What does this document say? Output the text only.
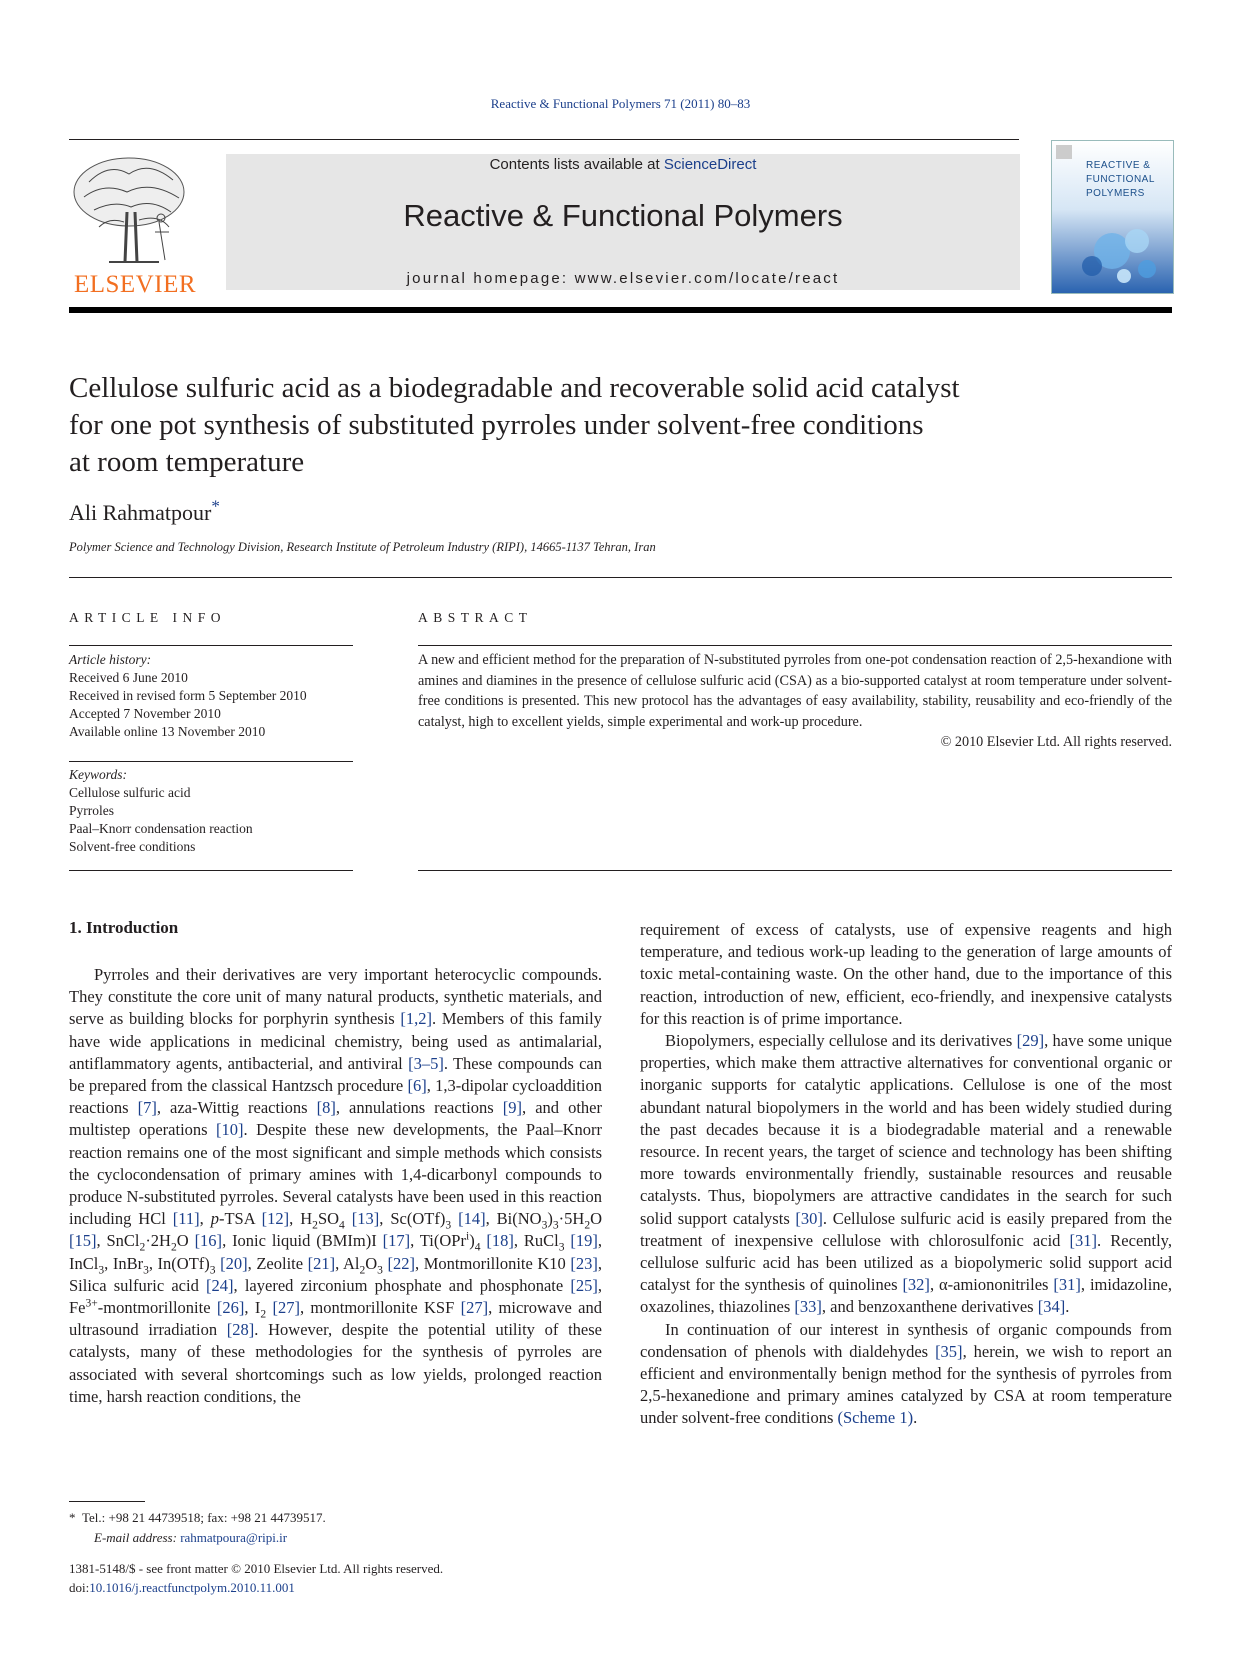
Reactive & Functional Polymers 71 (2011) 80–83
ELSEVIER
Contents lists available at ScienceDirect
Reactive & Functional Polymers
journal homepage: www.elsevier.com/locate/react
REACTIVE &
FUNCTIONAL
POLYMERS
Cellulose sulfuric acid as a biodegradable and recoverable solid acid catalyst
for one pot synthesis of substituted pyrroles under solvent-free conditions
at room temperature
Ali Rahmatpour*
Polymer Science and Technology Division, Research Institute of Petroleum Industry (RIPI), 14665-1137 Tehran, Iran
ARTICLE INFO
Article history:
Received 6 June 2010
Received in revised form 5 September 2010
Accepted 7 November 2010
Available online 13 November 2010
Keywords:
Cellulose sulfuric acid
Pyrroles
Paal–Knorr condensation reaction
Solvent-free conditions
ABSTRACT
A new and efficient method for the preparation of N-substituted pyrroles from one-pot condensation reaction of 2,5-hexandione with amines and diamines in the presence of cellulose sulfuric acid (CSA) as a bio-supported catalyst at room temperature under solvent-free conditions is presented. This new protocol has the advantages of easy availability, stability, reusability and eco-friendly of the catalyst, high to excellent yields, simple experimental and work-up procedure.
© 2010 Elsevier Ltd. All rights reserved.
1. Introduction

Pyrroles and their derivatives are very important heterocyclic compounds. They constitute the core unit of many natural products, synthetic materials, and serve as building blocks for porphyrin synthesis [1,2]. Members of this family have wide applications in medicinal chemistry, being used as antimalarial, antiflammatory agents, antibacterial, and antiviral [3–5]. These compounds can be prepared from the classical Hantzsch procedure [6], 1,3-dipolar cycloaddition reactions [7], aza-Wittig reactions [8], annulations reactions [9], and other multistep operations [10]. Despite these new developments, the Paal–Knorr reaction remains one of the most significant and simple methods which consists the cyclocondensation of primary amines with 1,4-dicarbonyl compounds to produce N-substituted pyrroles. Several catalysts have been used in this reaction including HCl [11], p-TSA [12], $H_2SO_4$ [13], $Sc(OTf)_3$ [14], $Bi(NO_3)_3\cdot 5H_2O$ [15], $SnCl_2\cdot 2H_2O$ [16], Ionic liquid (BMIm)I [17], $Ti(OPr^i)_4$ [18], RuCl$_3$ [19], InCl$_3$, InBr$_3$, $In(OTf)_3$ [20], Zeolite [21], $Al_2O_3$ [22], Montmorillonite K10 [23], Silica sulfuric acid [24], layered zirconium phosphate and phosphonate [25], $Fe^{3+}$-montmorillonite [26], $I_2$ [27], montmorillonite KSF [27], microwave and ultrasound irradiation [28]. However, despite the potential utility of these catalysts, many of these methodologies for the synthesis of pyrroles are associated with several shortcomings such as low yields, prolonged reaction time, harsh reaction conditions, the

requirement of excess of catalysts, use of expensive reagents and high temperature, and tedious work-up leading to the generation of large amounts of toxic metal-containing waste. On the other hand, due to the importance of this reaction, introduction of new, efficient, eco-friendly, and inexpensive catalysts for this reaction is of prime importance.

Biopolymers, especially cellulose and its derivatives [29], have some unique properties, which make them attractive alternatives for conventional organic or inorganic supports for catalytic applications. Cellulose is one of the most abundant natural biopolymers in the world and has been widely studied during the past decades because it is a biodegradable material and a renewable resource. In recent years, the target of science and technology has been shifting more towards environmentally friendly, sustainable resources and reusable catalysts. Thus, biopolymers are attractive candidates in the search for such solid support catalysts [30]. Cellulose sulfuric acid is easily prepared from the treatment of inexpensive cellulose with chlorosulfonic acid [31]. Recently, cellulose sulfuric acid has been utilized as a biopolymeric solid support acid catalyst for the synthesis of quinolines [32], α-amiononitriles [31], imidazoline, oxazolines, thiazolines [33], and benzoxanthene derivatives [34].

In continuation of our interest in synthesis of organic compounds from condensation of phenols with dialdehydes [35], herein, we wish to report an efficient and environmentally benign method for the synthesis of pyrroles from 2,5-hexanedione and primary amines catalyzed by CSA at room temperature under solvent-free conditions (Scheme 1).

* Tel.: +98 21 44739518; fax: +98 21 44739517.
E-mail address: rahmatpoura@ripi.ir
1381-5148/$ - see front matter © 2010 Elsevier Ltd. All rights reserved.
doi:10.1016/j.reactfunctpolym.2010.11.001
